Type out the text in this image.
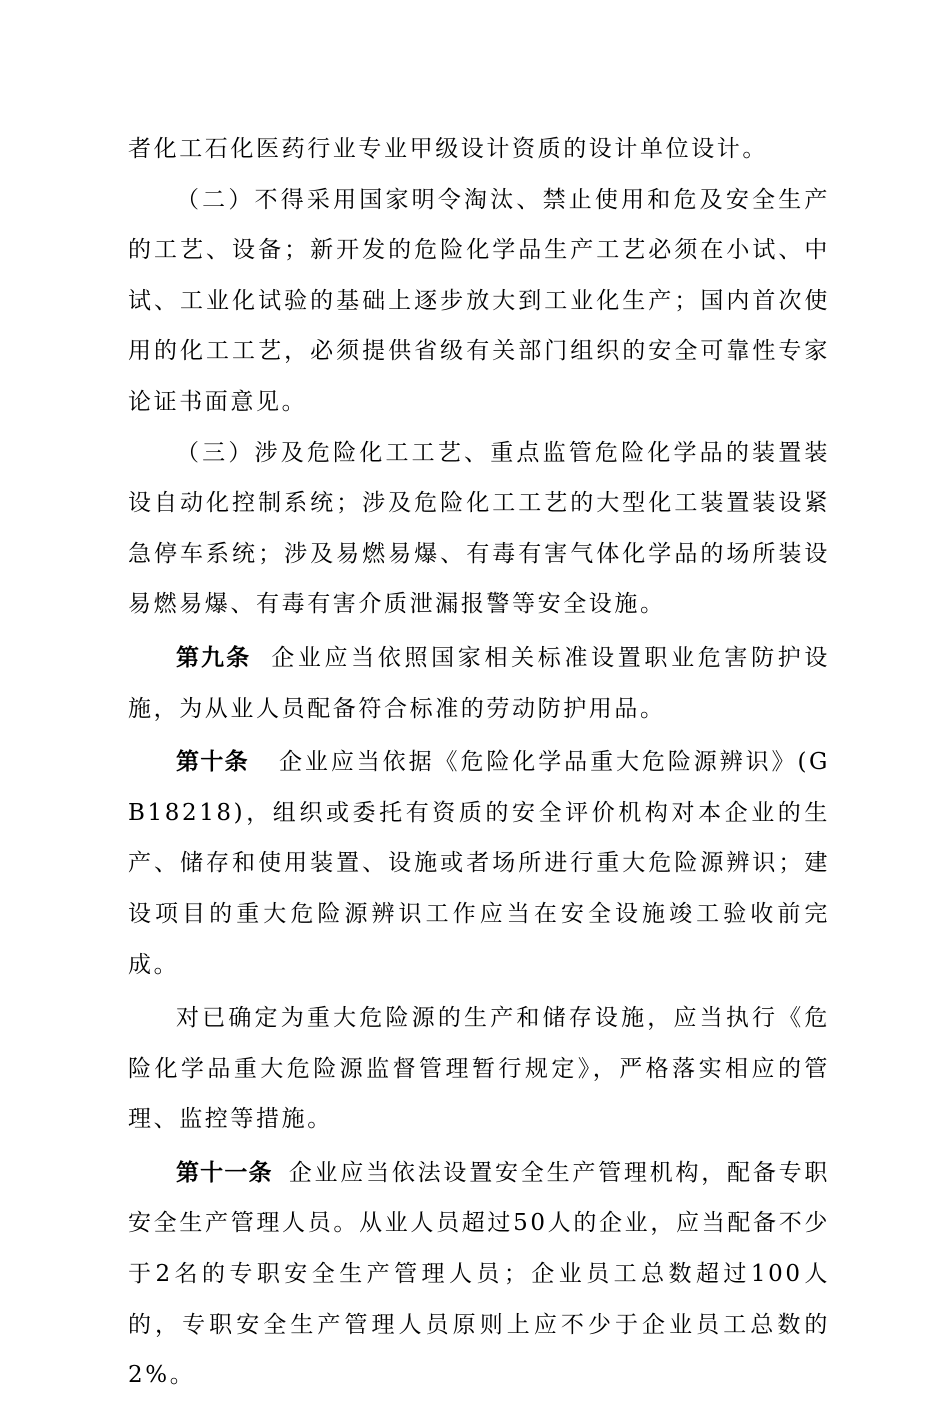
者化工石化医药行业专业甲级设计资质的设计单位设计。

（二）不得采用国家明令淘汰、禁止使用和危及安全生产的工艺、设备；新开发的危险化学品生产工艺必须在小试、中试、工业化试验的基础上逐步放大到工业化生产；国内首次使用的化工工艺，必须提供省级有关部门组织的安全可靠性专家论证书面意见。

（三）涉及危险化工工艺、重点监管危险化学品的装置装设自动化控制系统；涉及危险化工工艺的大型化工装置装设紧急停车系统；涉及易燃易爆、有毒有害气体化学品的场所装设易燃易爆、有毒有害介质泄漏报警等安全设施。

第九条 企业应当依照国家相关标准设置职业危害防护设施，为从业人员配备符合标准的劳动防护用品。

第十条 企业应当依据《危险化学品重大危险源辨识》(GB18218)，组织或委托有资质的安全评价机构对本企业的生产、储存和使用装置、设施或者场所进行重大危险源辨识；建设项目的重大危险源辨识工作应当在安全设施竣工验收前完成。

对已确定为重大危险源的生产和储存设施，应当执行《危险化学品重大危险源监督管理暂行规定》，严格落实相应的管理、监控等措施。

第十一条 企业应当依法设置安全生产管理机构，配备专职安全生产管理人员。从业人员超过50人的企业，应当配备不少于2名的专职安全生产管理人员；企业员工总数超过100人的，专职安全生产管理人员原则上应不少于企业员工总数的2%。
